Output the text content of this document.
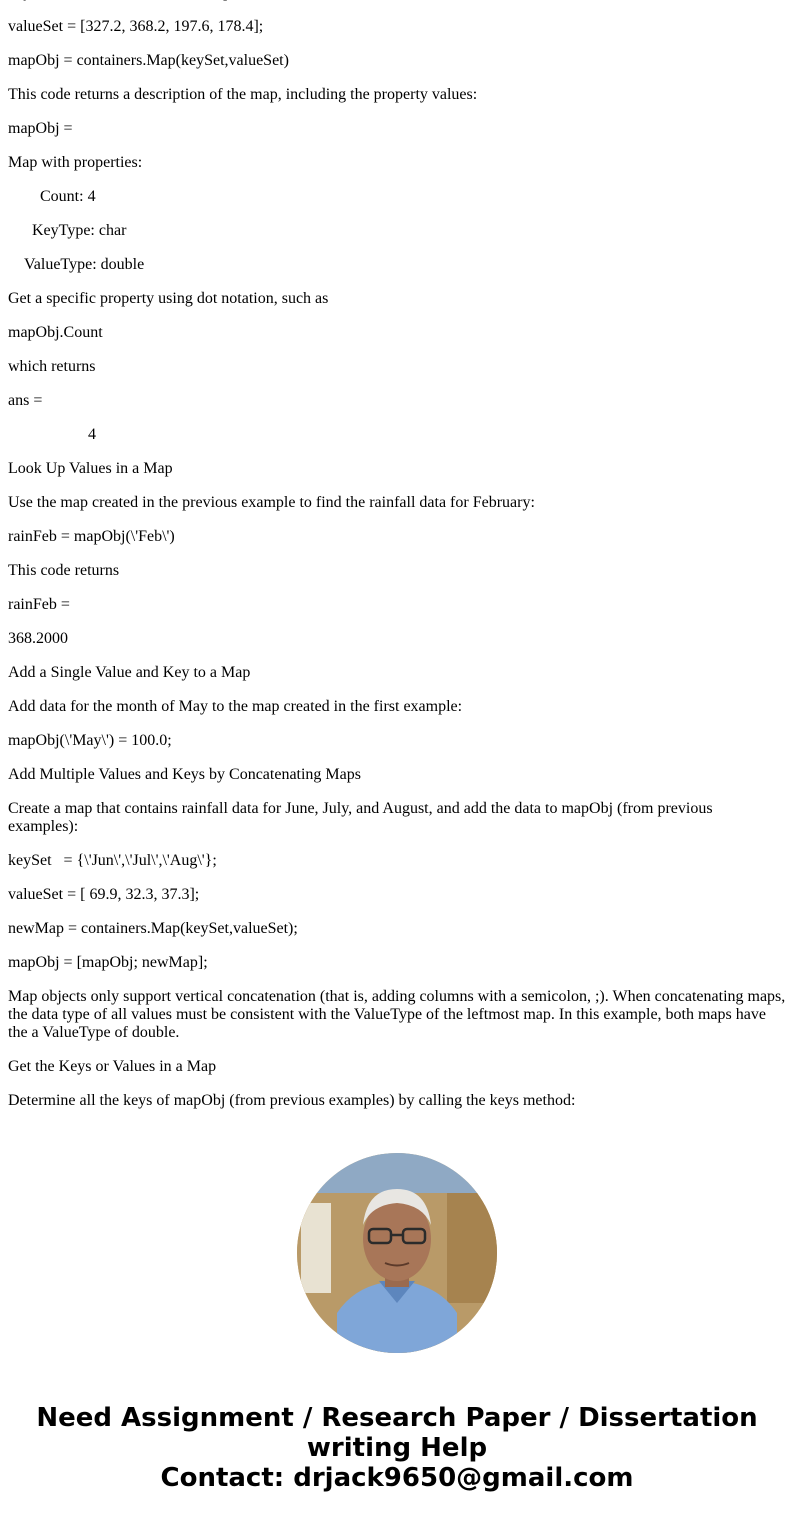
valueSet = [327.2, 368.2, 197.6, 178.4];

mapObj = containers.Map(keySet,valueSet)

This code returns a description of the map, including the property values:

mapObj =

Map with properties:

Count: 4

KeyType: char

ValueType: double

Get a specific property using dot notation, such as

mapObj.Count

which returns

ans =

4

Look Up Values in a Map

Use the map created in the previous example to find the rainfall data for February:

rainFeb = mapObj(\'Feb\')

This code returns

rainFeb =

368.2000

Add a Single Value and Key to a Map

Add data for the month of May to the map created in the first example:

mapObj(\'May\') = 100.0;

Add Multiple Values and Keys by Concatenating Maps

Create a map that contains rainfall data for June, July, and August, and add the data to mapObj (from previous examples):

keySet   = {\'Jun\',\'Jul\',\'Aug\'};

valueSet = [ 69.9, 32.3, 37.3];

newMap = containers.Map(keySet,valueSet);

mapObj = [mapObj; newMap];

Map objects only support vertical concatenation (that is, adding columns with a semicolon, ;). When concatenating maps, the data type of all values must be consistent with the ValueType of the leftmost map. In this example, both maps have the a ValueType of double.

Get the Keys or Values in a Map

Determine all the keys of mapObj (from previous examples) by calling the keys method:

Need Assignment / Research Paper / Dissertation
writing Help
Contact: drjack9650@gmail.com
